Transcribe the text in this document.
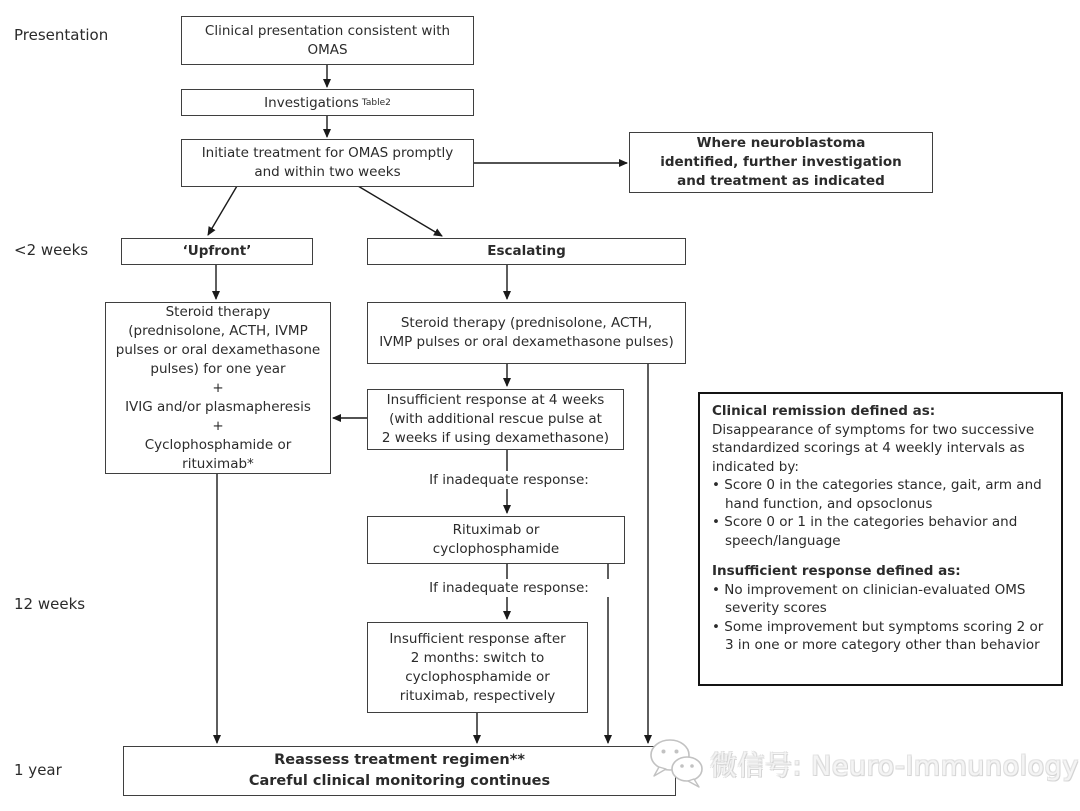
Presentation
<2 weeks
12 weeks
1 year
Clinical presentation consistent with
OMAS
Investigations Table2
Initiate treatment for OMAS promptly
and within two weeks
Where neuroblastoma
identified, further investigation
and treatment as indicated
‘Upfront’	Escalating
Steroid therapy
(prednisolone, ACTH, IVMP
pulses or oral dexamethasone
pulses) for one year
+
IVIG and/or plasmapheresis
+
Cyclophosphamide or
rituximab*
Steroid therapy (prednisolone, ACTH,
IVMP pulses or oral dexamethasone pulses)
Insufficient response at 4 weeks
(with additional rescue pulse at
2 weeks if using dexamethasone)
If inadequate response:
Rituximab or
cyclophosphamide
If inadequate response:
Insufficient response after
2 months: switch to
cyclophosphamide or
rituximab, respectively
Reassess treatment regimen**
Careful clinical monitoring continues
Clinical remission defined as:
Disappearance of symptoms for two successive standardized scorings at 4 weekly intervals as indicated by:
• Score 0 in the categories stance, gait, arm and hand function, and opsoclonus
• Score 0 or 1 in the categories behavior and speech/language
Insufficient response defined as:
• No improvement on clinician-evaluated OMS severity scores
• Some improvement but symptoms scoring 2 or 3 in one or more category other than behavior
微信号: Neuro-Immunology
